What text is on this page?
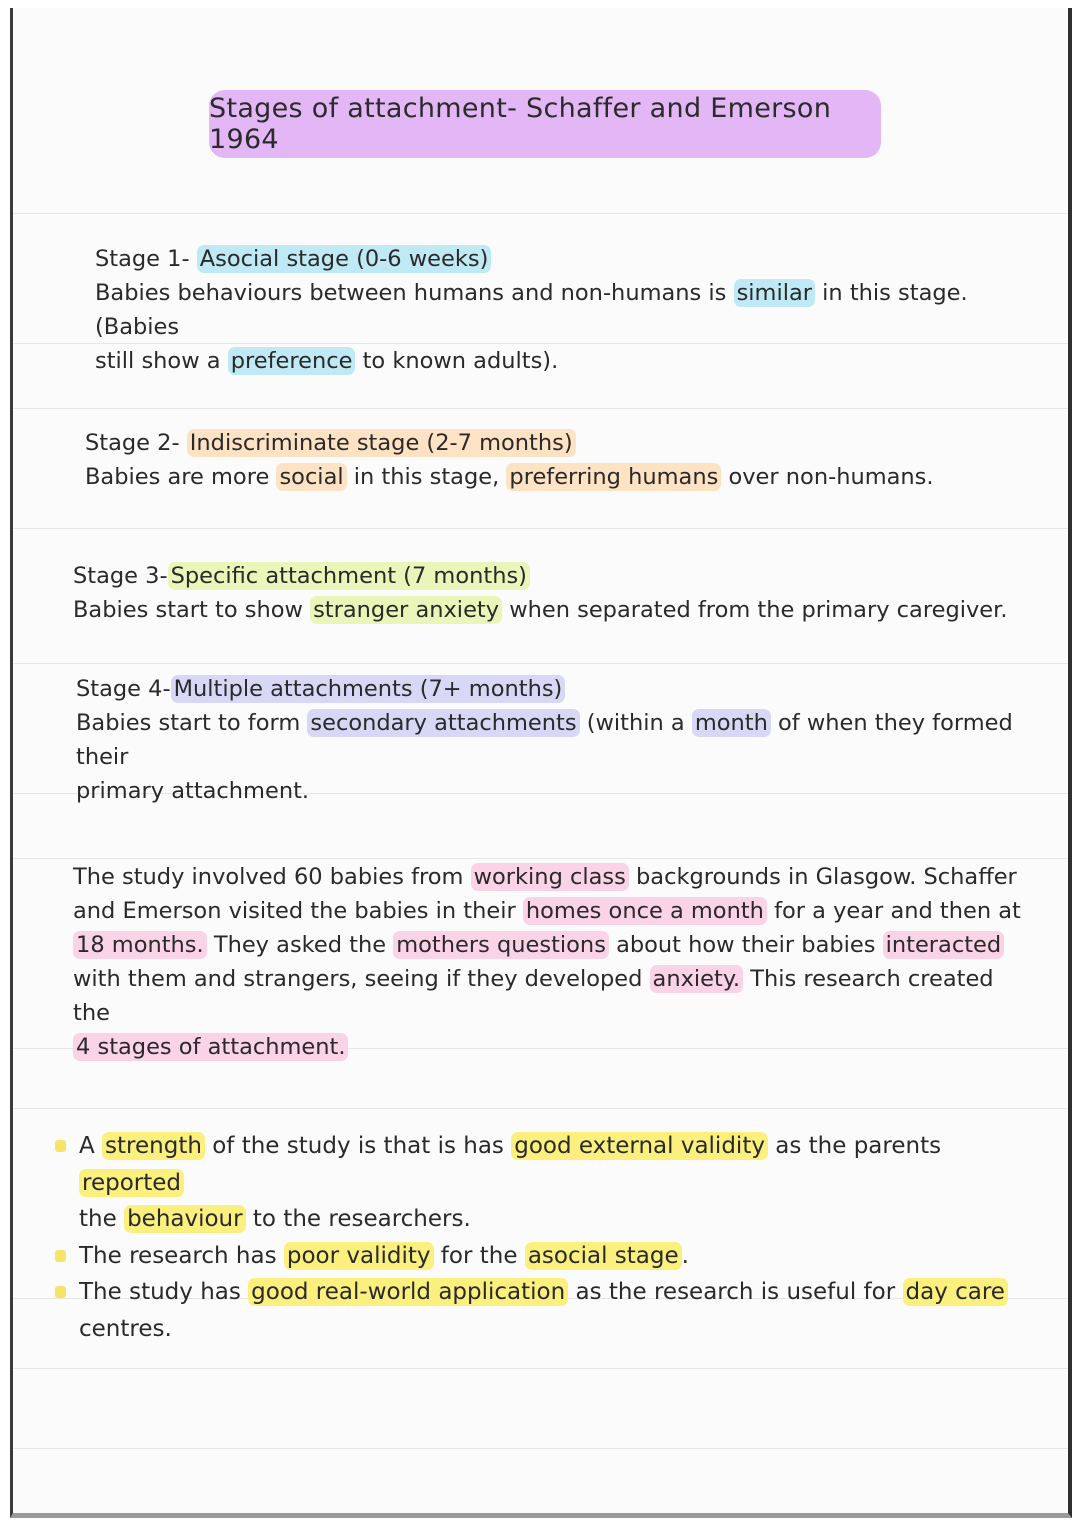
Stages of attachment- Schaffer and Emerson 1964

Stage 1- Asocial stage (0-6 weeks)

Babies behaviours between humans and non-humans is similar in this stage. (Babies

still show a preference to known adults).

Stage 2- Indiscriminate stage (2-7 months)

Babies are more social in this stage, preferring humans over non-humans.

Stage 3- Specific attachment (7 months)

Babies start to show stranger anxiety when separated from the primary caregiver.

Stage 4- Multiple attachments (7+ months)

Babies start to form secondary attachments (within a month of when they formed their

primary attachment.

The study involved 60 babies from working class backgrounds in Glasgow. Schaffer

and Emerson visited the babies in their homes once a month for a year and then at

18 months. They asked the mothers questions about how their babies interacted

with them and strangers, seeing if they developed anxiety. This research created the

4 stages of attachment.

A strength of the study is that is has good external validity as the parents reported
the behaviour to the researchers.
The research has poor validity for the asocial stage .
The study has good real-world application as the research is useful for day care
centres.
